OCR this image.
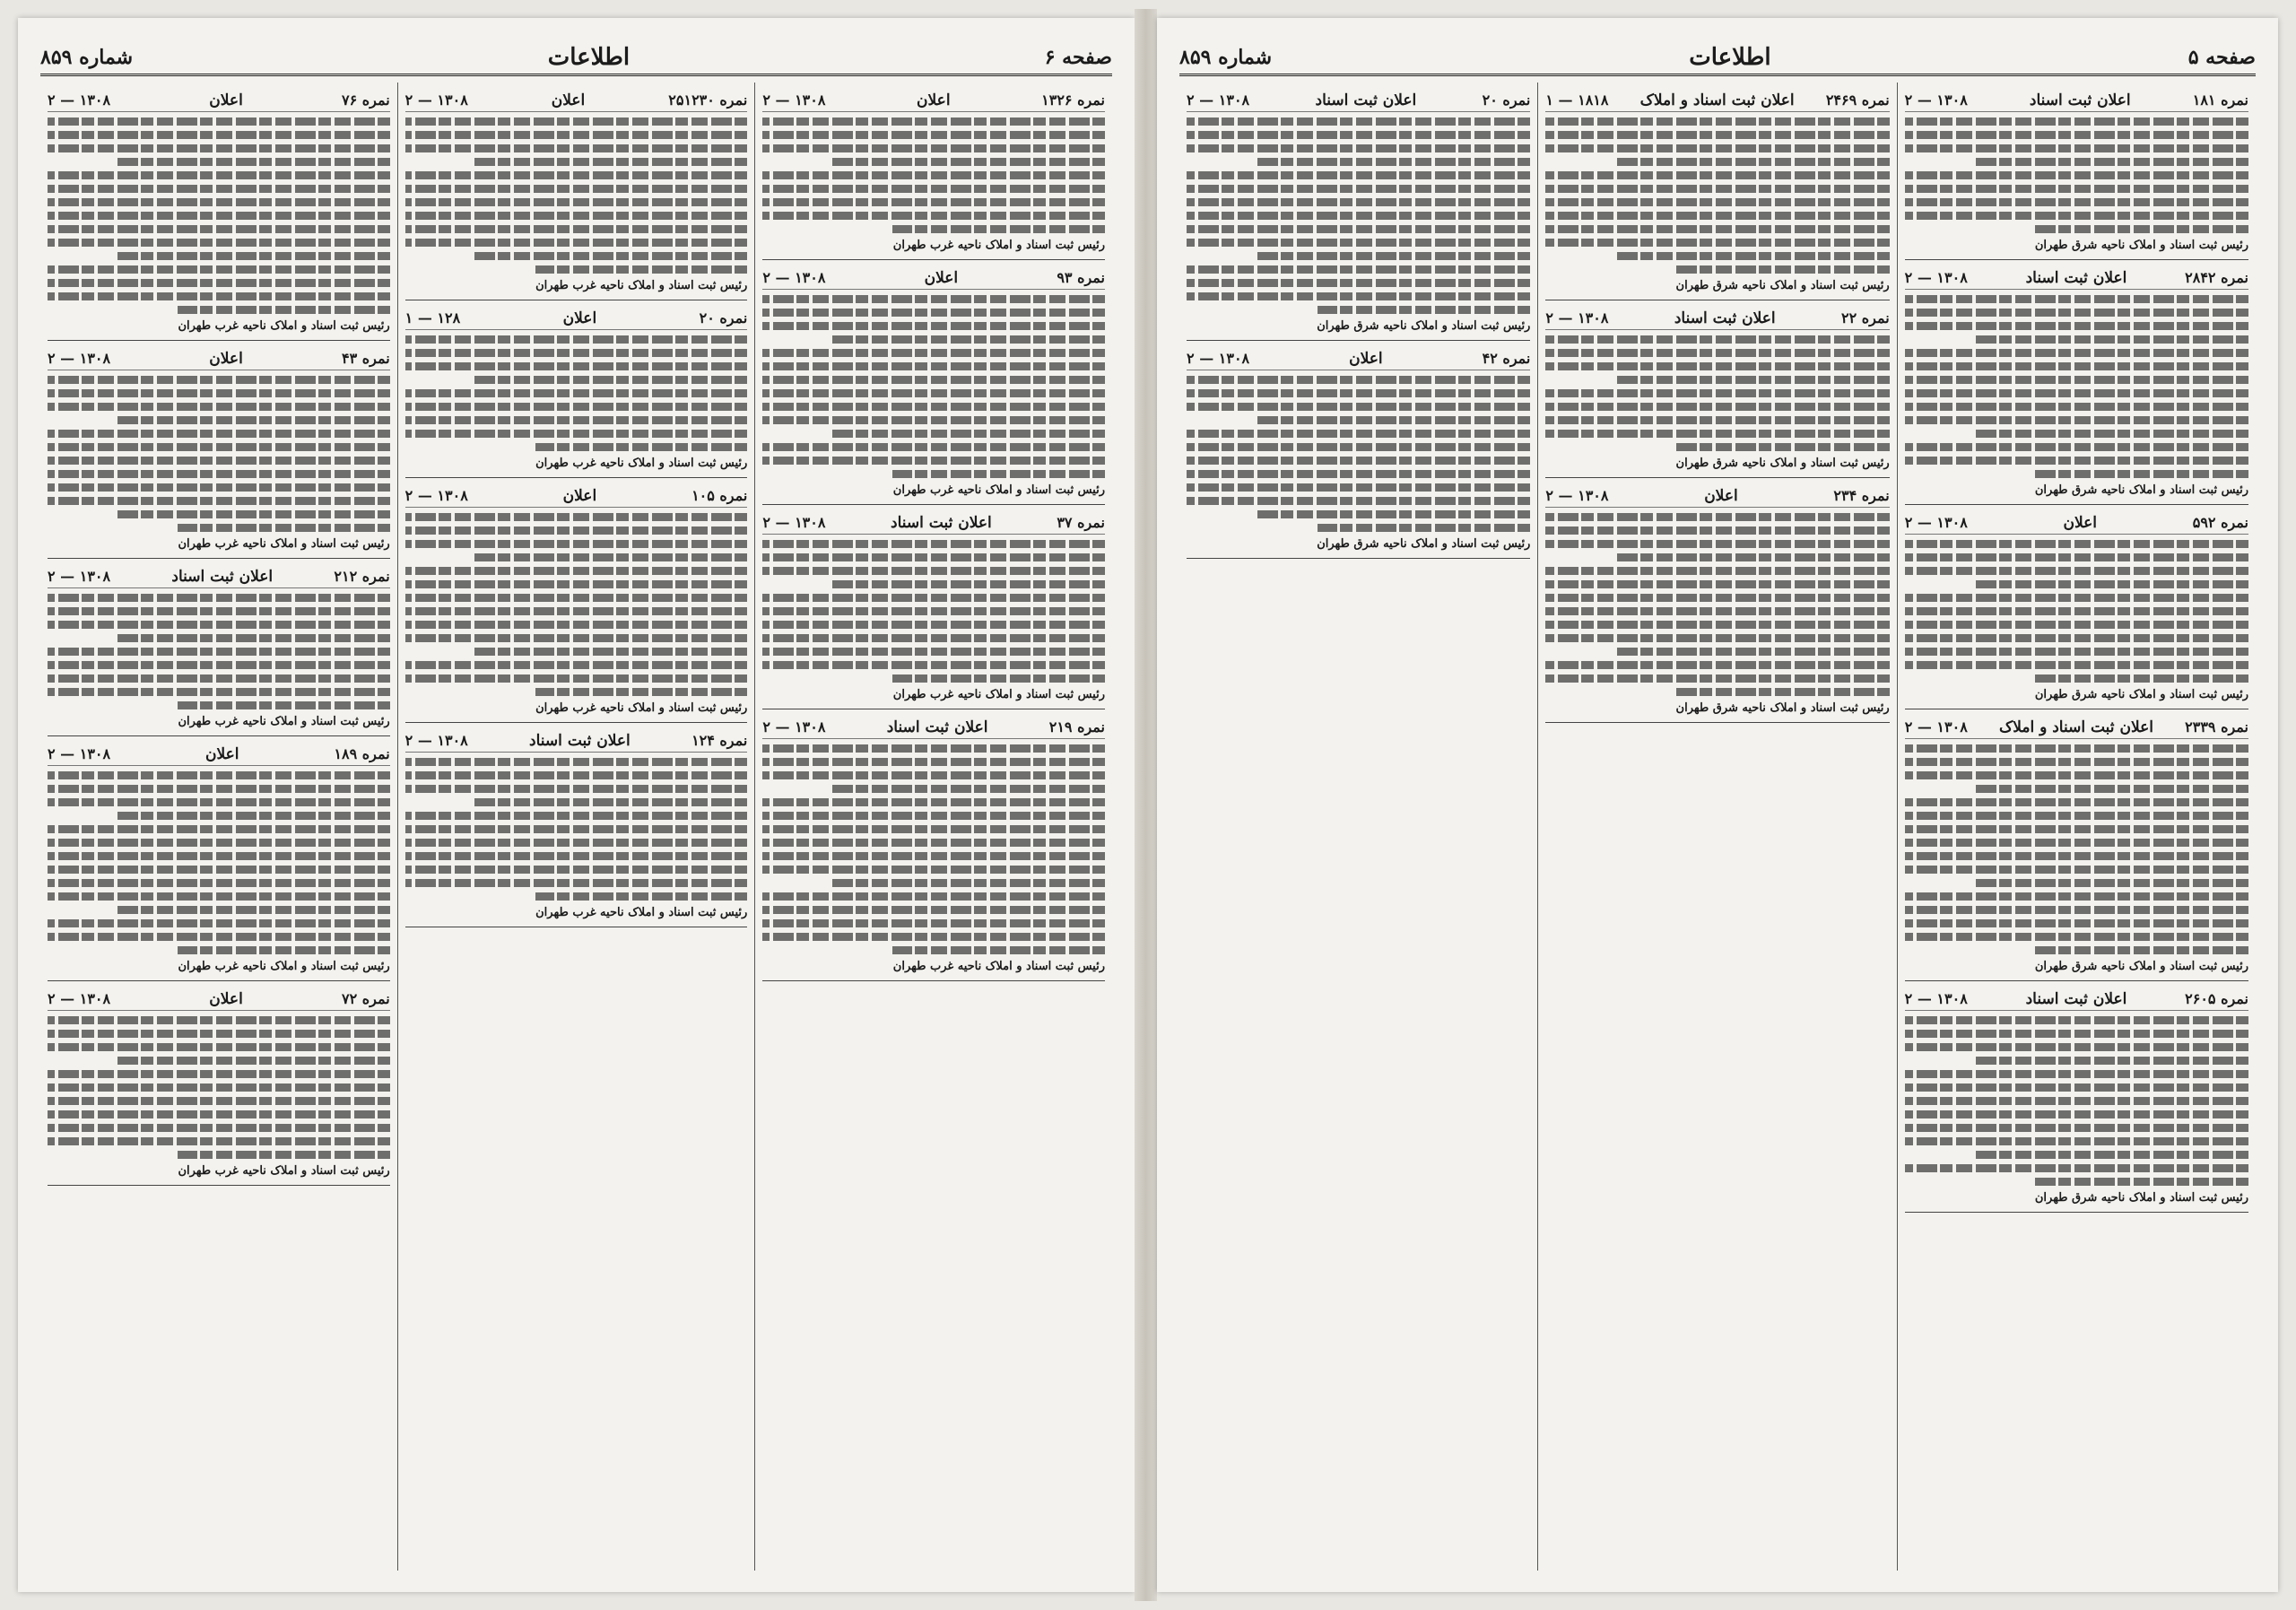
شماره ۸۵۹	اطلاعات	صفحه ۶
نمره ۱۳۲۶
اعلان
۱۳۰۸ — ۲
رئیس ثبت اسناد و املاک ناحیه غرب طهران
نمره ۹۳
اعلان
۱۳۰۸ — ۲
رئیس ثبت اسناد و املاک ناحیه غرب طهران
نمره ۳۷
اعلان ثبت اسناد
۱۳۰۸ — ۲
رئیس ثبت اسناد و املاک ناحیه غرب طهران
نمره ۲۱۹
اعلان ثبت اسناد
۱۳۰۸ — ۲
رئیس ثبت اسناد و املاک ناحیه غرب طهران
نمره ۲۵۱۲۳۰
اعلان
۱۳۰۸ — ۲
رئیس ثبت اسناد و املاک ناحیه غرب طهران
نمره ۲۰
اعلان
۱۲۸ — ۱
رئیس ثبت اسناد و املاک ناحیه غرب طهران
نمره ۱۰۵
اعلان
۱۳۰۸ — ۲
رئیس ثبت اسناد و املاک ناحیه غرب طهران
نمره ۱۲۴
اعلان ثبت اسناد
۱۳۰۸ — ۲
رئیس ثبت اسناد و املاک ناحیه غرب طهران
نمره ۷۶
اعلان
۱۳۰۸ — ۲
رئیس ثبت اسناد و املاک ناحیه غرب طهران
نمره ۴۳
اعلان
۱۳۰۸ — ۲
رئیس ثبت اسناد و املاک ناحیه غرب طهران
نمره ۲۱۲
اعلان ثبت اسناد
۱۳۰۸ — ۲
رئیس ثبت اسناد و املاک ناحیه غرب طهران
نمره ۱۸۹
اعلان
۱۳۰۸ — ۲
رئیس ثبت اسناد و املاک ناحیه غرب طهران
نمره ۷۲
اعلان
۱۳۰۸ — ۲
رئیس ثبت اسناد و املاک ناحیه غرب طهران
شماره ۸۵۹	اطلاعات	صفحه ۵
نمره ۱۸۱
اعلان ثبت اسناد
۱۳۰۸ — ۲
رئیس ثبت اسناد و املاک ناحیه شرق طهران
نمره ۲۸۴۲
اعلان ثبت اسناد
۱۳۰۸ — ۲
رئیس ثبت اسناد و املاک ناحیه شرق طهران
نمره ۵۹۲
اعلان
۱۳۰۸ — ۲
رئیس ثبت اسناد و املاک ناحیه شرق طهران
نمره ۲۳۳۹
اعلان ثبت اسناد و املاک
۱۳۰۸ — ۲
رئیس ثبت اسناد و املاک ناحیه شرق طهران
نمره ۲۶۰۵
اعلان ثبت اسناد
۱۳۰۸ — ۲
رئیس ثبت اسناد و املاک ناحیه شرق طهران
نمره ۲۴۶۹
اعلان ثبت اسناد و املاک
۱۸۱۸ — ۱
رئیس ثبت اسناد و املاک ناحیه شرق طهران
نمره ۲۲
اعلان ثبت اسناد
۱۳۰۸ — ۲
رئیس ثبت اسناد و املاک ناحیه شرق طهران
نمره ۲۳۴
اعلان
۱۳۰۸ — ۲
رئیس ثبت اسناد و املاک ناحیه شرق طهران
نمره ۲۰
اعلان ثبت اسناد
۱۳۰۸ — ۲
رئیس ثبت اسناد و املاک ناحیه شرق طهران
نمره ۴۲
اعلان
۱۳۰۸ — ۲
رئیس ثبت اسناد و املاک ناحیه شرق طهران
